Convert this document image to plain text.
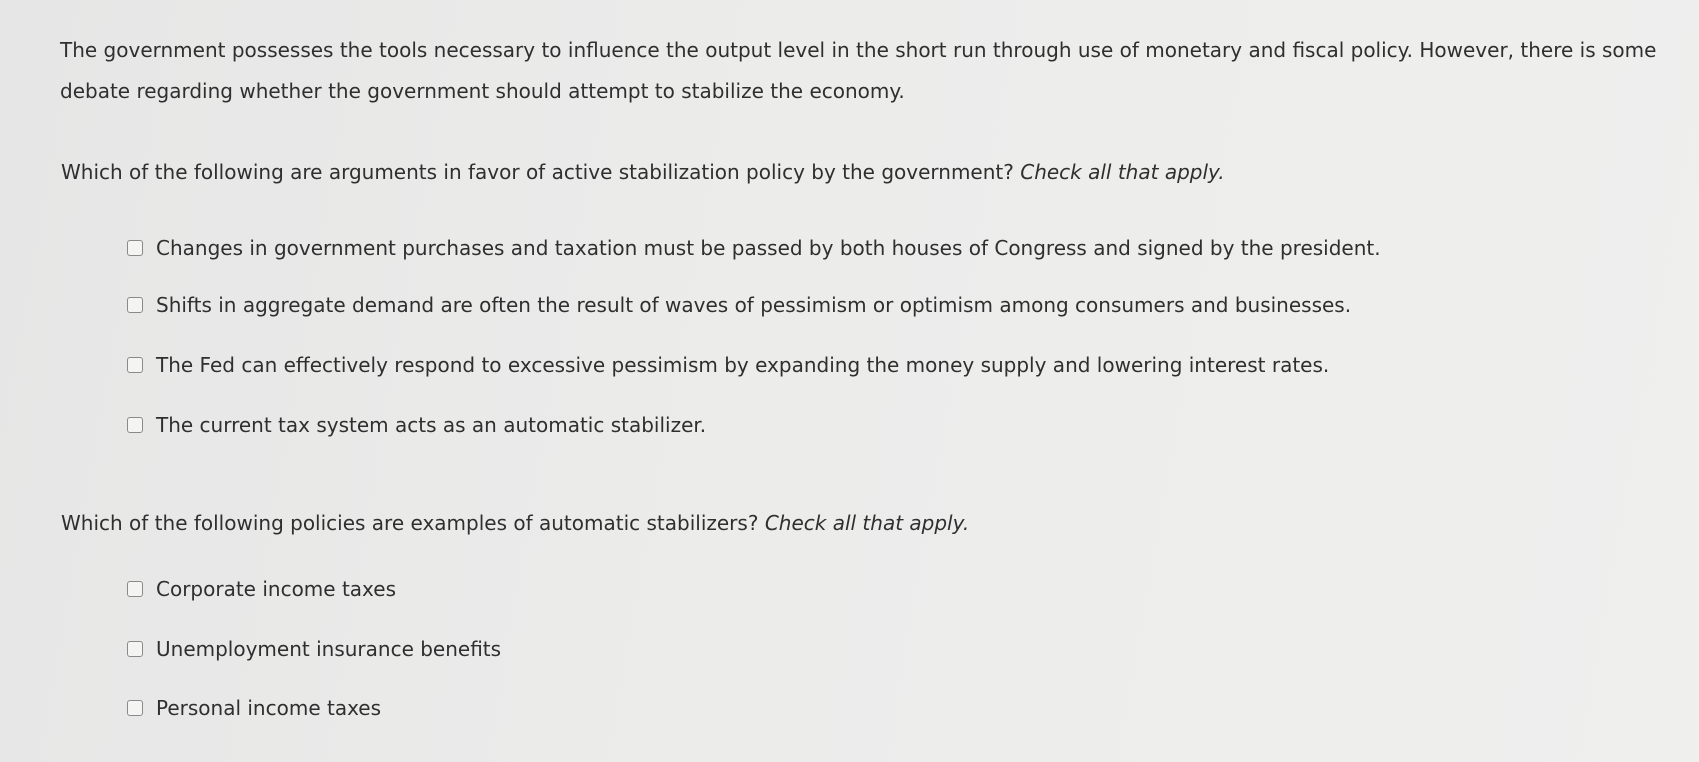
The government possesses the tools necessary to influence the output level in the short run through use of monetary and fiscal policy. However, there is some debate regarding whether the government should attempt to stabilize the economy.

Which of the following are arguments in favor of active stabilization policy by the government? Check all that apply.

Changes in government purchases and taxation must be passed by both houses of Congress and signed by the president.
Shifts in aggregate demand are often the result of waves of pessimism or optimism among consumers and businesses.
The Fed can effectively respond to excessive pessimism by expanding the money supply and lowering interest rates.
The current tax system acts as an automatic stabilizer.

Which of the following policies are examples of automatic stabilizers? Check all that apply.

Corporate income taxes
Unemployment insurance benefits
Personal income taxes
